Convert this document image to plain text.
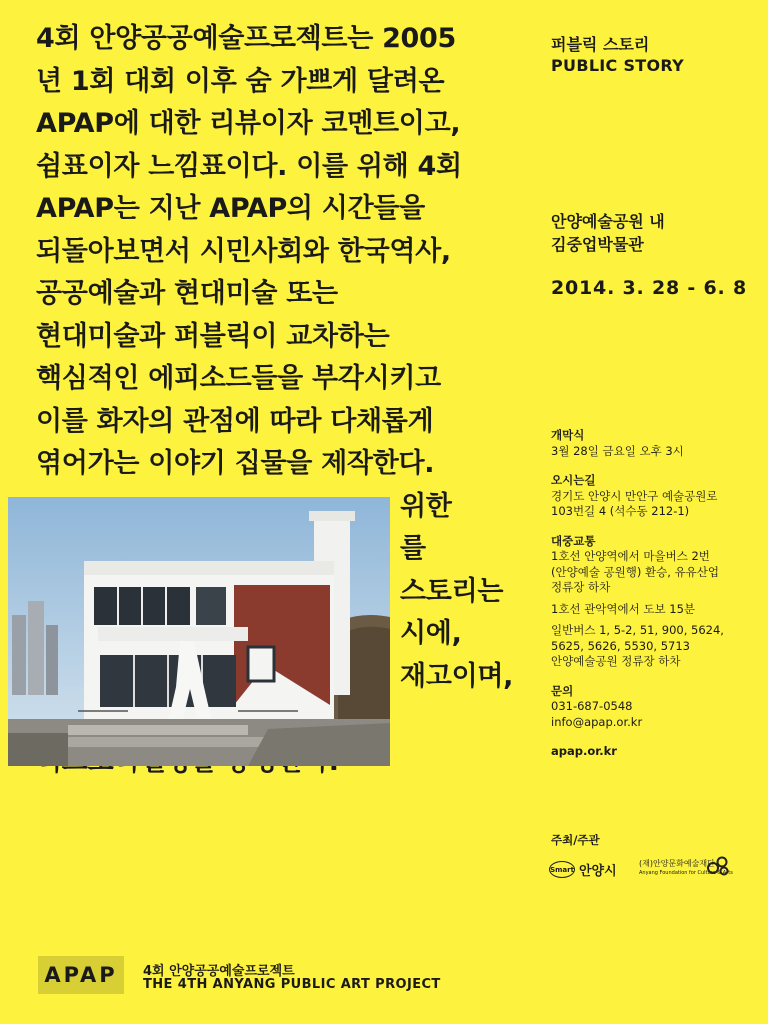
4회 안양공공예술프로젝트는 2005
년 1회 대회 이후 숨 가쁘게 달려온
APAP에 대한 리뷰이자 코멘트이고,
쉼표이자 느낌표이다. 이를 위해 4회
APAP는 지난 APAP의 시간들을
되돌아보면서 시민사회와 한국역사,
공공예술과 현대미술 또는
현대미술과 퍼블릭이 교차하는
핵심적인 에피소드들을 부각시키고
이를 화자의 관점에 따라 다채롭게
엮어가는 이야기 집물을 제작한다.
위한
를
스토리는
시에,
재고이며,
퍼블릭 스토리
PUBLIC STORY
안양예술공원 내
김중업박물관
2014. 3. 28 - 6. 8
개막식
3월 28일 금요일 오후 3시
오시는길
경기도 안양시 만안구 예술공원로
103번길 4 (석수동 212-1)
대중교통
1호선 안양역에서 마을버스 2번
(안양예술 공원행) 환승, 유유산업
정류장 하차
1호선 관악역에서 도보 15분
일반버스 1, 5-2, 51, 900, 5624,
5625, 5626, 5530, 5713
안양예술공원 정류장 하차
문의
031-687-0548
info@apap.or.kr
apap.or.kr
주최/주관
Smart 안양시
(재)안양문화예술재단
Anyang Foundation for Culture & Arts
APAP	4회 안양공공예술프로젝트
THE 4TH ANYANG PUBLIC ART PROJECT
